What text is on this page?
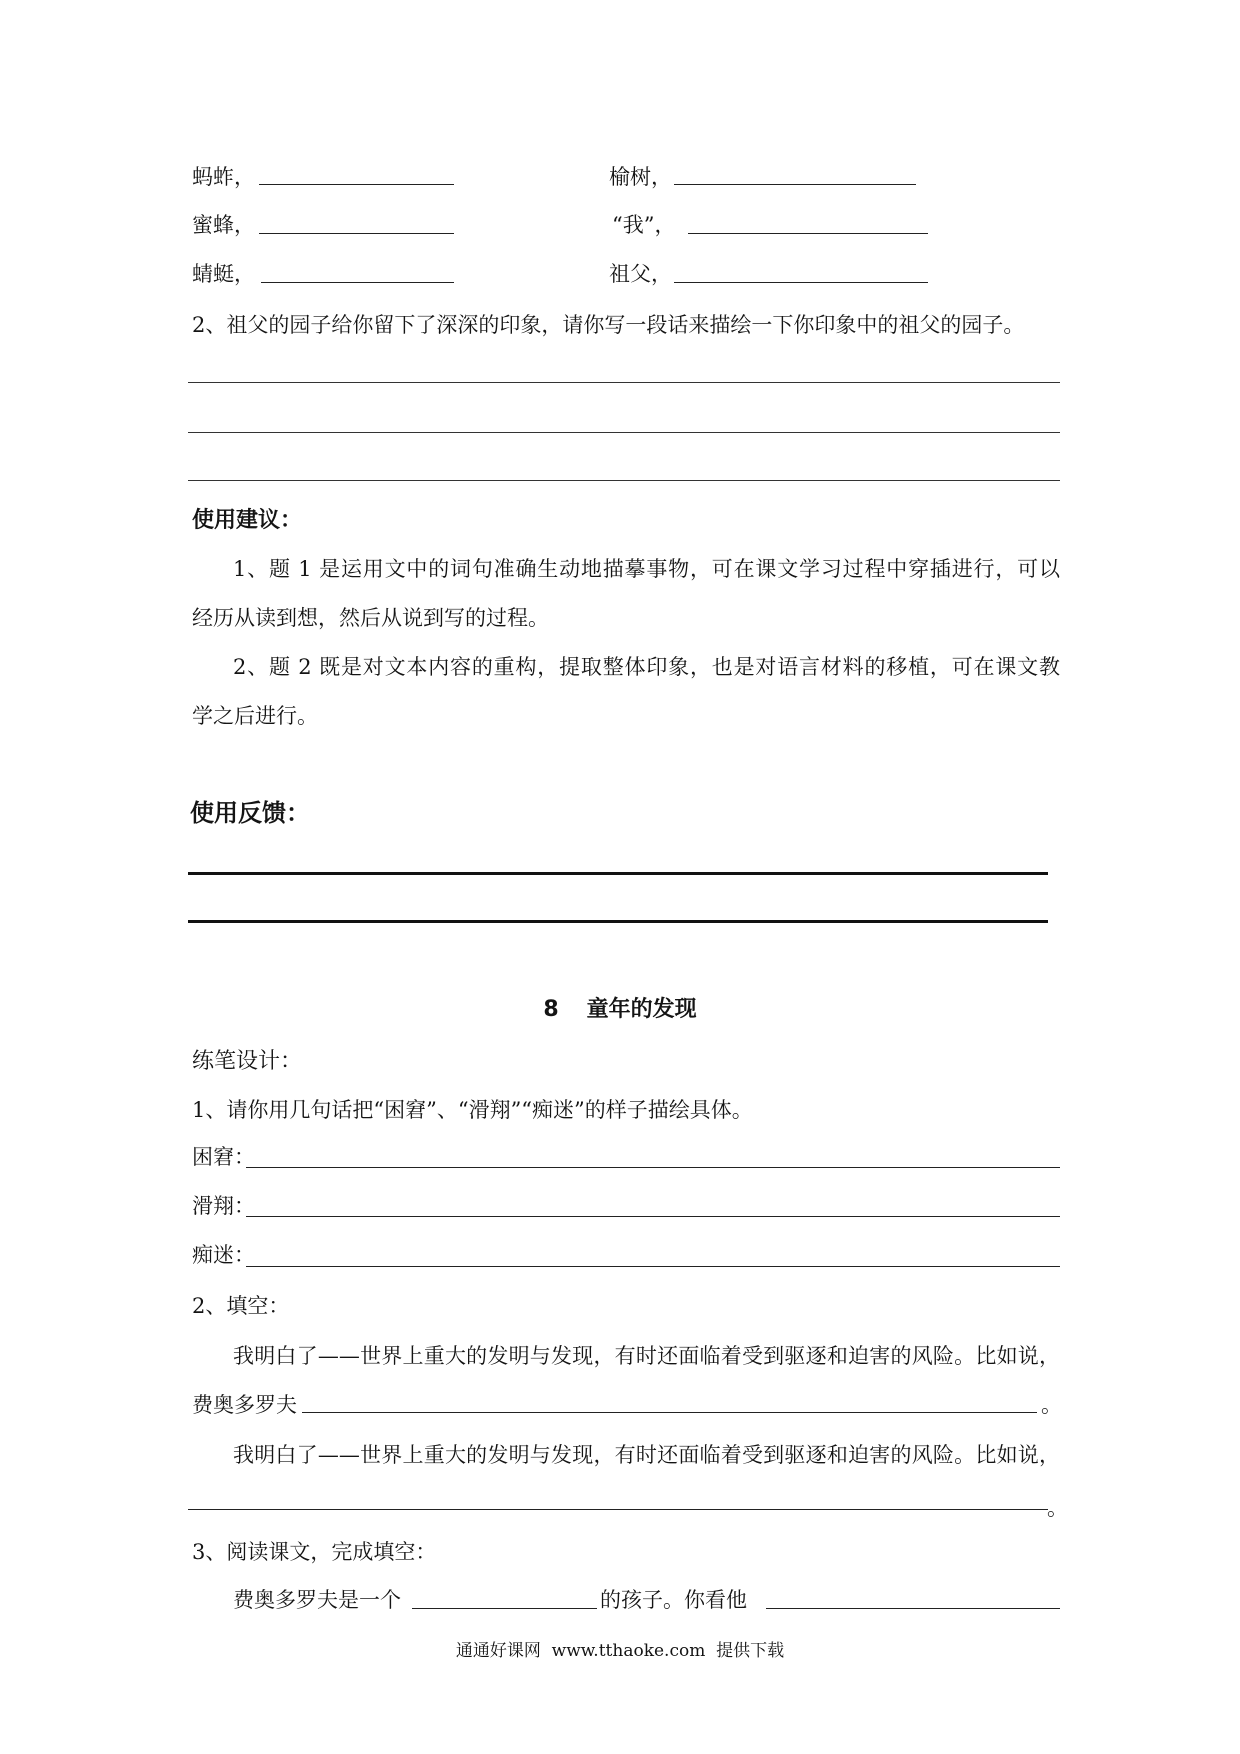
蚂蚱，	榆树，
蜜蜂，	“我”，
蜻蜓，	祖父，
2、祖父的园子给你留下了深深的印象，请你写一段话来描绘一下你印象中的祖父的园子。
使用建议：
1、题 1 是运用文中的词句准确生动地描摹事物，可在课文学习过程中穿插进行，可以
经历从读到想，然后从说到写的过程。
2、题 2 既是对文本内容的重构，提取整体印象，也是对语言材料的移植，可在课文教
学之后进行。
使用反馈：
8 童年的发现
练笔设计：
1、请你用几句话把“困窘”、“滑翔”“痴迷”的样子描绘具体。
困窘：
滑翔：
痴迷：
2、填空：
我明白了——世界上重大的发明与发现，有时还面临着受到驱逐和迫害的风险。比如说，
费奥多罗夫	。
我明白了——世界上重大的发明与发现，有时还面临着受到驱逐和迫害的风险。比如说，
。
3、阅读课文，完成填空：
费奥多罗夫是一个	的孩子。你看他
通通好课网  www.tthaoke.com  提供下载
